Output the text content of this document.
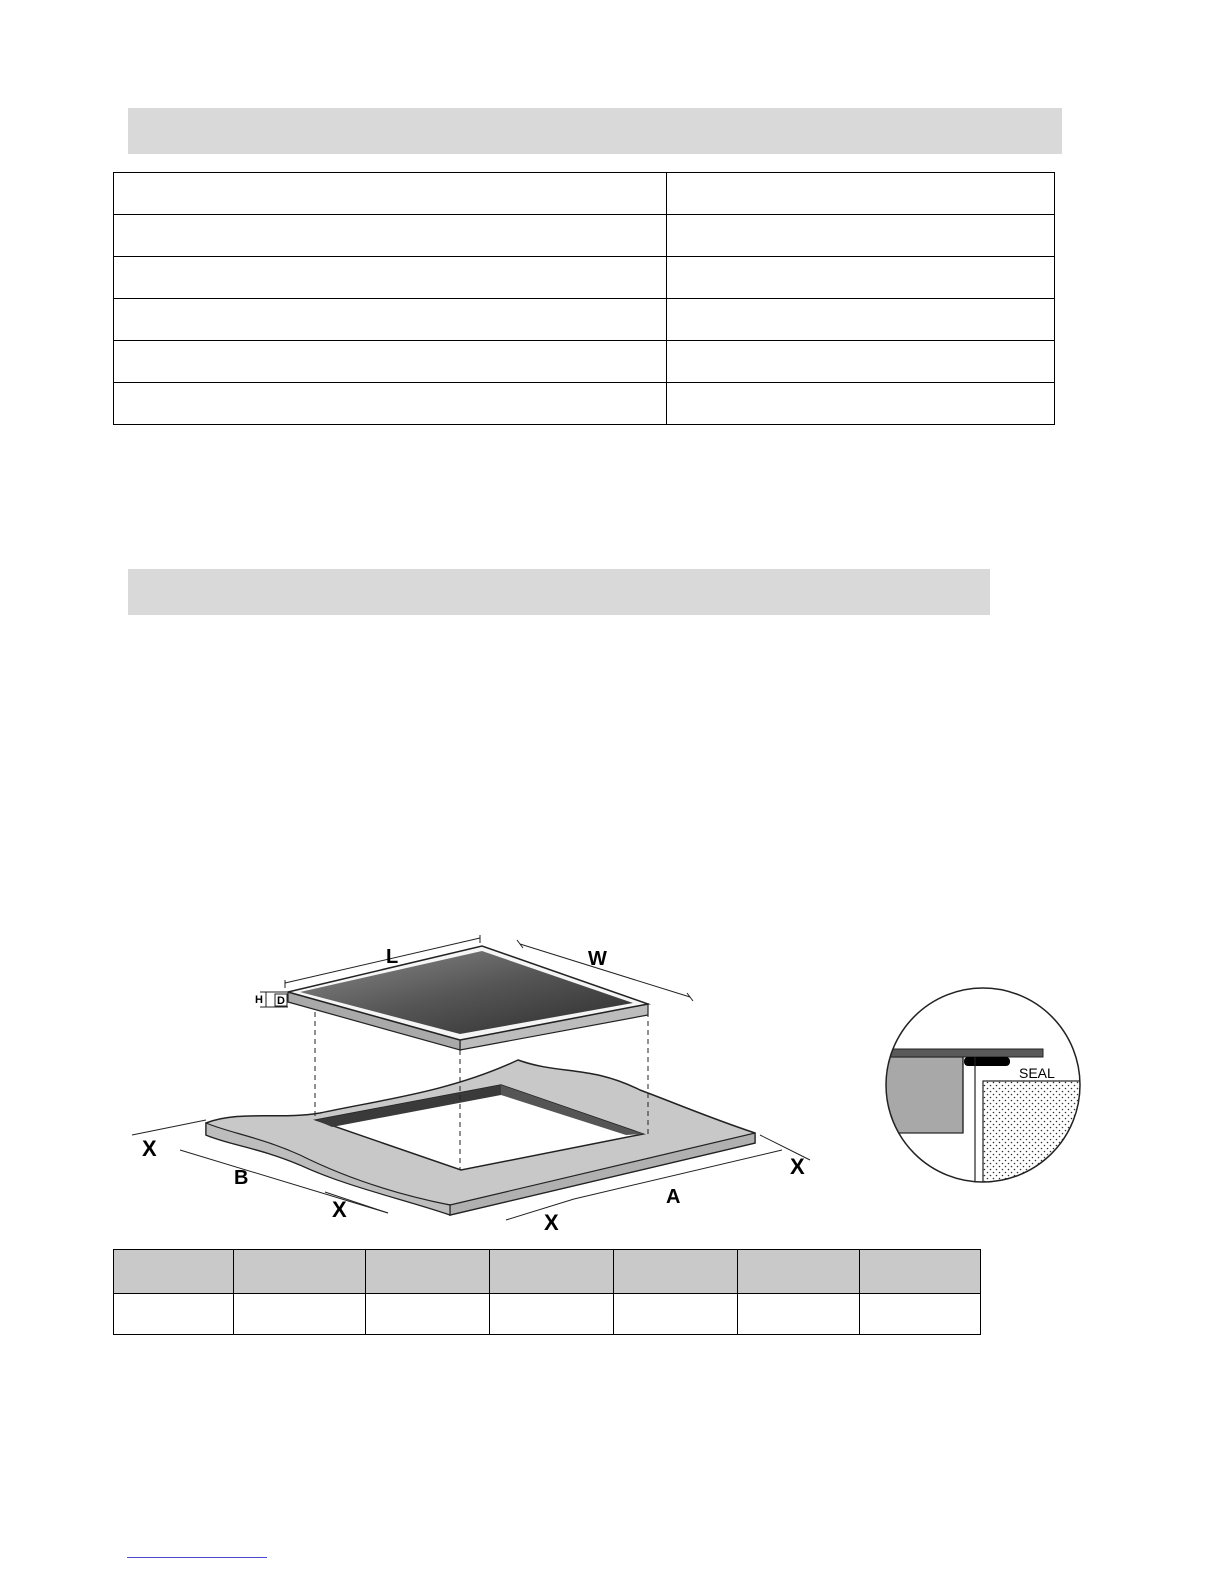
L	W
H D
X
B
X
X
A
X
SEAL
